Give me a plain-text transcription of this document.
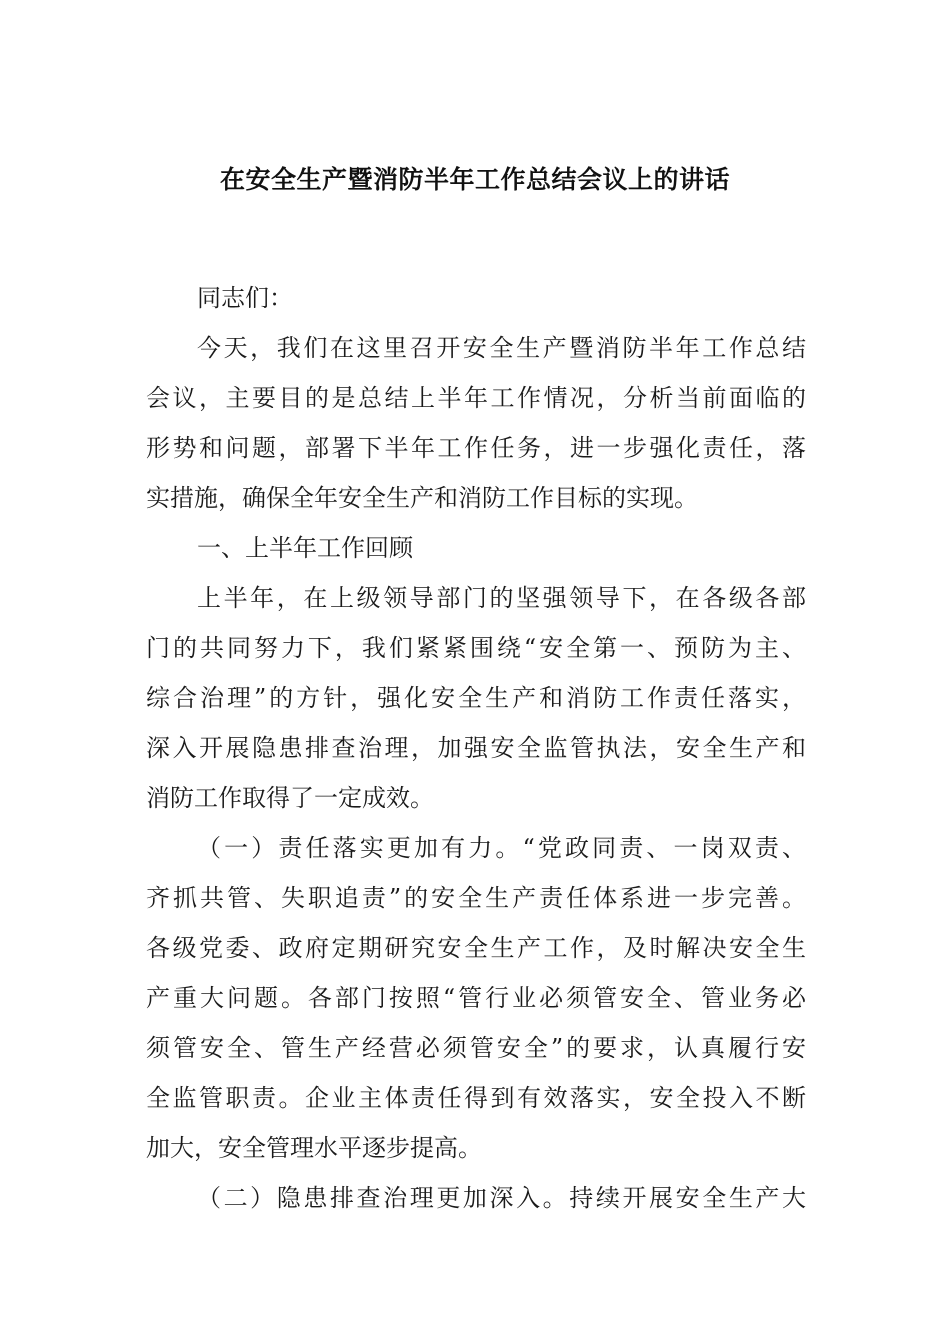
在安全生产暨消防半年工作总结会议上的讲话
同志们：
今天，我们在这里召开安全生产暨消防半年工作总结
会议，主要目的是总结上半年工作情况，分析当前面临的
形势和问题，部署下半年工作任务，进一步强化责任，落
实措施，确保全年安全生产和消防工作目标的实现。
一、上半年工作回顾
上半年，在上级领导部门的坚强领导下，在各级各部
门的共同努力下，我们紧紧围绕“安全第一、预防为主、
综合治理”的方针，强化安全生产和消防工作责任落实，
深入开展隐患排查治理，加强安全监管执法，安全生产和
消防工作取得了一定成效。
（一）责任落实更加有力。“党政同责、一岗双责、
齐抓共管、失职追责”的安全生产责任体系进一步完善。
各级党委、政府定期研究安全生产工作，及时解决安全生
产重大问题。各部门按照“管行业必须管安全、管业务必
须管安全、管生产经营必须管安全”的要求，认真履行安
全监管职责。企业主体责任得到有效落实，安全投入不断
加大，安全管理水平逐步提高。
（二）隐患排查治理更加深入。持续开展安全生产大
